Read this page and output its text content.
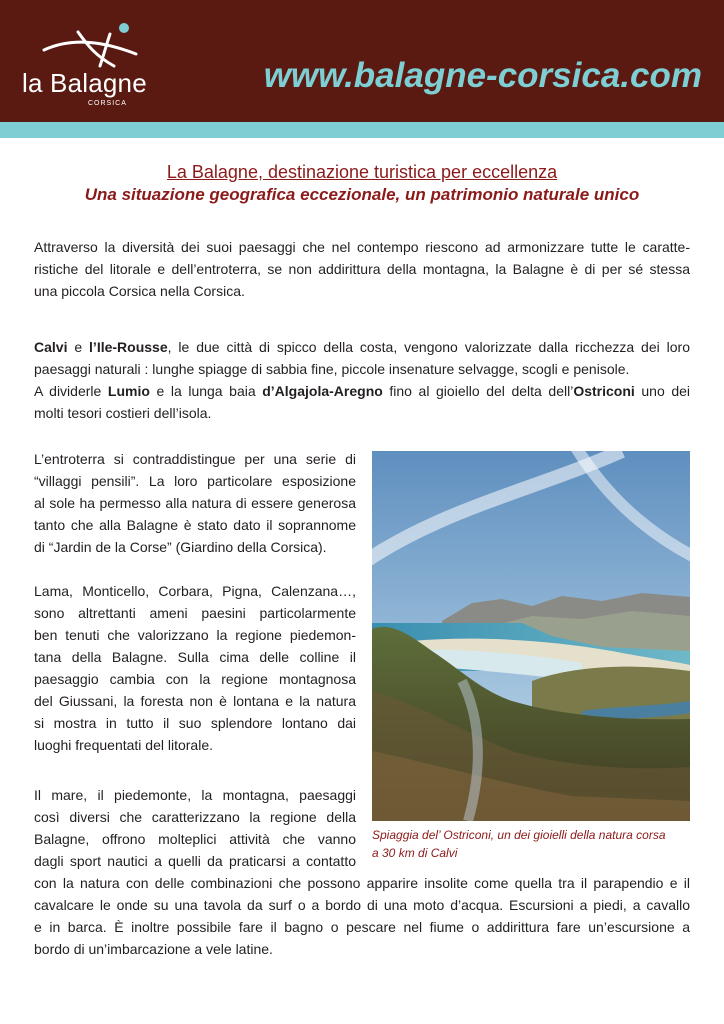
la Balagne
CORSICA
www.balagne-corsica.com
La Balagne, destinazione turistica per eccellenza
Una situazione geografica eccezionale, un patrimonio naturale unico
Attraverso la diversità dei suoi paesaggi che nel contempo riescono ad armonizzare tutte le caratte-
ristiche del litorale e dell’entroterra, se non addirittura della montagna, la Balagne è di per sé stessa
una piccola Corsica nella Corsica.
Calvi e l’Ile-Rousse, le due città di spicco della costa, vengono valorizzate dalla ricchezza dei loro
paesaggi naturali : lunghe spiagge di sabbia fine, piccole insenature selvagge, scogli e penisole.
A dividerle Lumio e la lunga baia d’Algajola-Aregno fino al gioiello del delta dell’Ostriconi uno dei
molti tesori costieri dell’isola.
L’entroterra si contraddistingue per una serie di
“villaggi pensili”. La loro particolare esposizione
al sole ha permesso alla natura di essere generosa
tanto che alla Balagne è stato dato il soprannome
di “Jardin de la Corse” (Giardino della Corsica).
Lama, Monticello, Corbara, Pigna, Calenzana…,
sono altrettanti ameni paesini particolarmente
ben tenuti che valorizzano la regione piedemon-
tana della Balagne. Sulla cima delle colline il
paesaggio cambia con la regione montagnosa
del Giussani, la foresta non è lontana e la natura
si mostra in tutto il suo splendore lontano dai
luoghi frequentati del litorale.
Il mare, il piedemonte, la montagna, paesaggi
così diversi che caratterizzano la regione della
Balagne, offrono molteplici attività che vanno
dagli sport nautici a quelli da praticarsi a contatto
con la natura con delle combinazioni che possono apparire insolite come quella tra il parapendio e il
cavalcare le onde su una tavola da surf o a bordo di una moto d’acqua. Escursioni a piedi, a cavallo
e in barca. È inoltre possibile fare il bagno o pescare nel fiume o addirittura fare un’escursione a
bordo di un’imbarcazione a vele latine.

Spiaggia del’ Ostriconi, un dei gioielli della natura corsa
a 30 km di Calvi
